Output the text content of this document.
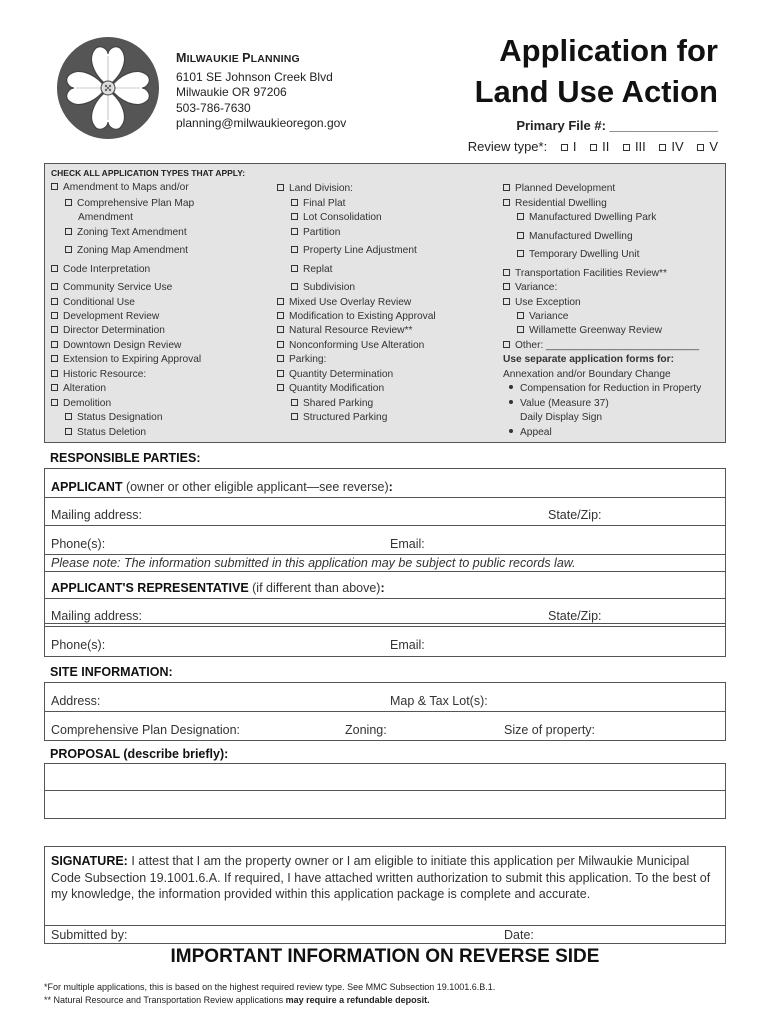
MILWAUKIE PLANNING
6101 SE Johnson Creek Blvd
Milwaukie OR 97206
503-786-7630
planning@milwaukieoregon.gov
Application for
Land Use Action
Primary File #: _______________
Review type*: I II III IV V
CHECK ALL APPLICATION TYPES THAT APPLY:
Amendment to Maps and/or
Comprehensive Plan Map
Amendment
Zoning Text Amendment
Zoning Map Amendment
Code Interpretation
Community Service Use
Conditional Use
Development Review
Director Determination
Downtown Design Review
Extension to Expiring Approval
Historic Resource:
Alteration
Demolition
Status Designation
Status Deletion
Land Division:
Final Plat
Lot Consolidation
Partition
Property Line Adjustment
Replat
Subdivision
Mixed Use Overlay Review
Modification to Existing Approval
Natural Resource Review**
Nonconforming Use Alteration
Parking:
Quantity Determination
Quantity Modification
Shared Parking
Structured Parking
Planned Development
Residential Dwelling
Manufactured Dwelling Park
Manufactured Dwelling
Temporary Dwelling Unit
Transportation Facilities Review**
Variance:
Use Exception
Variance
Willamette Greenway Review
Other: ___________________________
Use separate application forms for:
Annexation and/or Boundary Change
Compensation for Reduction in Property
Value (Measure 37)
Daily Display Sign
Appeal
RESPONSIBLE PARTIES:
APPLICANT (owner or other eligible applicant—see reverse):
Mailing address:	State/Zip:
Phone(s):	Email:
Please note: The information submitted in this application may be subject to public records law.
APPLICANT'S REPRESENTATIVE (if different than above):
Mailing address:	State/Zip:
Phone(s):	Email:
SITE INFORMATION:
Address:	Map & Tax Lot(s):
Comprehensive Plan Designation:	Zoning:	Size of property:
PROPOSAL (describe briefly):
SIGNATURE: I attest that I am the property owner or I am eligible to initiate this application per Milwaukie Municipal Code Subsection 19.1001.6.A. If required, I have attached written authorization to submit this application. To the best of my knowledge, the information provided within this application package is complete and accurate.
Submitted by:	Date:
IMPORTANT INFORMATION ON REVERSE SIDE
*For multiple applications, this is based on the highest required review type. See MMC Subsection 19.1001.6.B.1.
** Natural Resource and Transportation Review applications may require a refundable deposit.
